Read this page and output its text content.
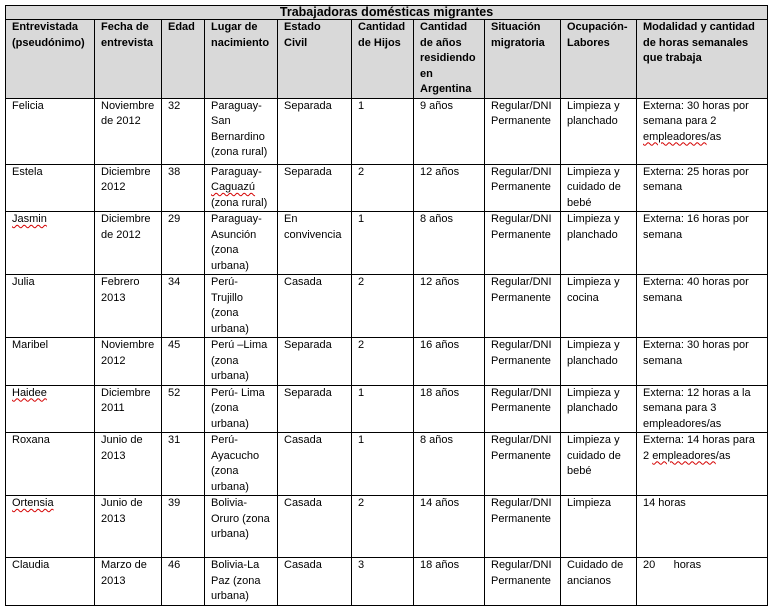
Trabajadoras domésticas migrantes									
Entrevistada (pseudónimo)	Fecha de entrevista	Edad	Lugar de nacimiento	Estado Civil	Cantidad de Hijos	Cantidad de años residiendo en Argentina	Situación migratoria	Ocupación- Labores	Modalidad y cantidad de horas semanales que trabaja
Felicia	Noviembre de 2012	32	Paraguay- San Bernardino (zona rural)	Separada	1	9 años	Regular/DNI Permanente	Limpieza y planchado	Externa: 30 horas por semana para 2 empleadores/as
Estela	Diciembre 2012	38	Paraguay- Caguazú (zona rural)	Separada	2	12 años	Regular/DNI Permanente	Limpieza y cuidado de bebé	Externa: 25 horas por semana
Jasmin	Diciembre de 2012	29	Paraguay- Asunción (zona urbana)	En convivencia	1	8 años	Regular/DNI Permanente	Limpieza y planchado	Externa: 16 horas por semana
Julia	Febrero 2013	34	Perú- Trujillo (zona urbana)	Casada	2	12 años	Regular/DNI Permanente	Limpieza y cocina	Externa: 40 horas por semana
Maribel	Noviembre 2012	45	Perú –Lima (zona urbana)	Separada	2	16 años	Regular/DNI Permanente	Limpieza y planchado	Externa: 30 horas por semana
Haidee	Diciembre 2011	52	Perú- Lima (zona urbana)	Separada	1	18 años	Regular/DNI Permanente	Limpieza y planchado	Externa: 12 horas a la semana para 3 empleadores/as
Roxana	Junio de 2013	31	Perú- Ayacucho (zona urbana)	Casada	1	8 años	Regular/DNI Permanente	Limpieza y cuidado de bebé	Externa: 14 horas para 2 empleadores/as
Ortensia	Junio de 2013	39	Bolivia- Oruro (zona urbana)	Casada	2	14 años	Regular/DNI Permanente	Limpieza	14 horas
Claudia	Marzo de 2013	46	Bolivia-La Paz (zona urbana)	Casada	3	18 años	Regular/DNI Permanente	Cuidado de ancianos	20      horas
